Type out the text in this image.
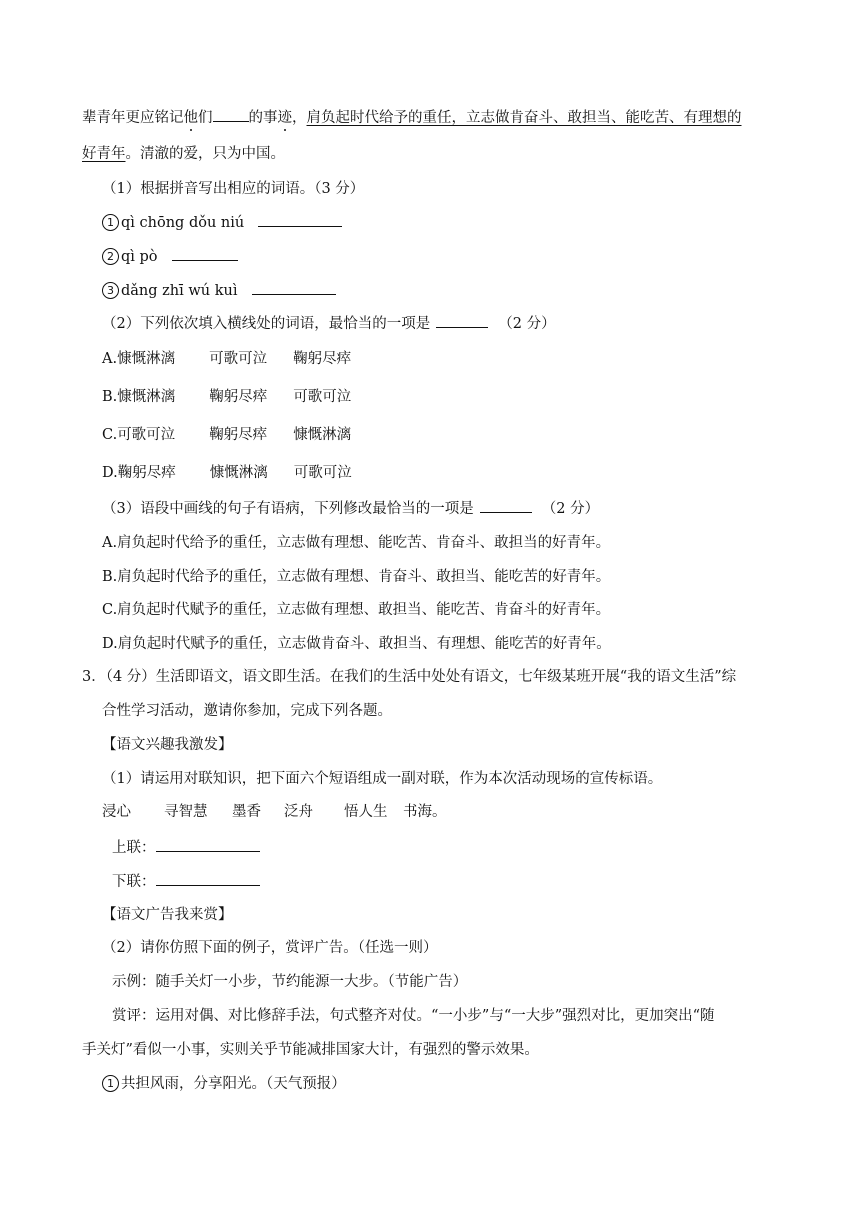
辈青年更应铭记他们 的事迹，肩负起时代给予的重任，立志做肯奋斗、敢担当、能吃苦、有理想的
好青年。清澈的爱，只为中国。
（1）根据拼音写出相应的词语。（3 分）
1 qì chōng dǒu niú
2 qì pò
3 dǎng zhī wú kuì
（2）下列依次填入横线处的词语，最恰当的一项是	（2 分）
A.慷慨淋漓 可歌可泣 鞠躬尽瘁
B.慷慨淋漓 鞠躬尽瘁 可歌可泣
C.可歌可泣 鞠躬尽瘁 慷慨淋漓
D.鞠躬尽瘁 慷慨淋漓 可歌可泣
（3）语段中画线的句子有语病，下列修改最恰当的一项是	（2 分）
A.肩负起时代给予的重任，立志做有理想、能吃苦、肯奋斗、敢担当的好青年。
B.肩负起时代给予的重任，立志做有理想、肯奋斗、敢担当、能吃苦的好青年。
C.肩负起时代赋予的重任，立志做有理想、敢担当、能吃苦、肯奋斗的好青年。
D.肩负起时代赋予的重任，立志做肯奋斗、敢担当、有理想、能吃苦的好青年。
3．（4 分）生活即语文，语文即生活。在我们的生活中处处有语文，七年级某班开展“我的语文生活”综
合性学习活动，邀请你参加，完成下列各题。
【语文兴趣我激发】
（1）请运用对联知识，把下面六个短语组成一副对联，作为本次活动现场的宣传标语。
浸心 寻智慧 墨香 泛舟 悟人生 书海。
上联：
下联：
【语文广告我来赏】
（2）请你仿照下面的例子，赏评广告。（任选一则）
示例：随手关灯一小步，节约能源一大步。（节能广告）
赏评：运用对偶、对比修辞手法，句式整齐对仗。“一小步”与“一大步”强烈对比，更加突出“随
手关灯”看似一小事，实则关乎节能减排国家大计，有强烈的警示效果。
1 共担风雨，分享阳光。（天气预报）
